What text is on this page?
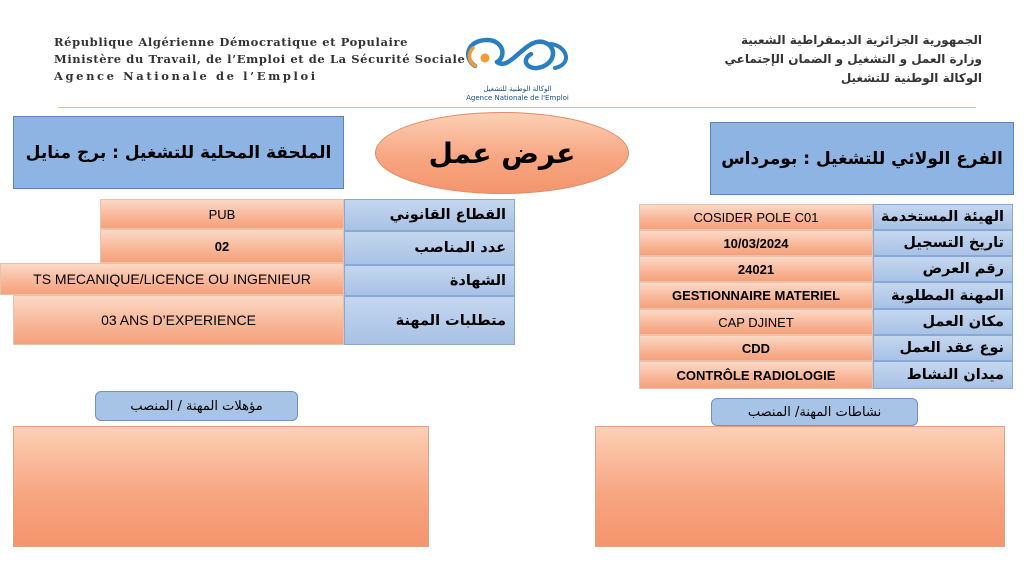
République Algérienne Démocratique et Populaire
Ministère du Travail, de l’Emploi et de La Sécurité Sociale
Agence Nationale de l’Emploi
الجمهورية الجزائرية الديمقراطية الشعبية
وزارة العمل و التشغيل و الضمان الإجتماعي
الوكالة الوطنية للتشغيل
الوكالة الوطنية للتشغيل
Agence Nationale de l'Emploi
الملحقة المحلية للتشغيل : برج منايل	عرض عمل	الفرع الولائي للتشغيل : بومرداس
PUB	القطاع القانوني
02	عدد المناصب
TS MECANIQUE/LICENCE OU INGENIEUR	الشهادة
03 ANS D’EXPERIENCE	متطلبات المهنة
COSIDER POLE C01	الهيئة المستخدمة
10/03/2024	تاريخ التسجيل
24021	رقم العرض
GESTIONNAIRE MATERIEL	المهنة المطلوبة
CAP DJINET	مكان العمل
CDD	نوع عقد العمل
CONTRÔLE RADIOLOGIE	ميدان النشاط
مؤهلات المهنة / المنصب	نشاطات المهنة/ المنصب
